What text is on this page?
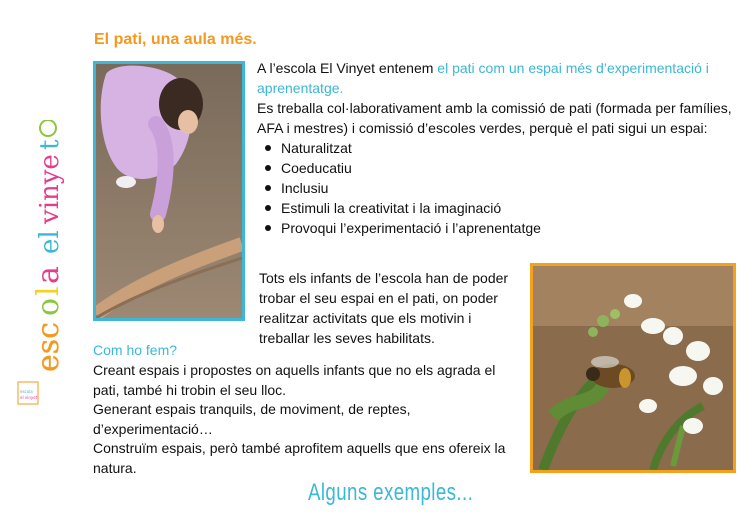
El pati, una aula més.
escola
el vinyet
esc
o
l
a
el
vinye
t

A l’escola El Vinyet entenem el pati com un espai més d’experimentació i aprenentatge.

Es treballa col·laborativament amb la comissió de pati (formada per famílies, AFA i mestres) i comissió d’escoles verdes, perquè el pati sigui un espai:

Naturalitzat
Coeducatiu
Inclusiu
Estimuli la creativitat i la imaginació
Provoqui l’experimentació i l’aprenentatge

Tots els infants de l’escola han de poder trobar el seu espai en el pati, on poder realitzar activitats que els motivin i treballar les seves habilitats.

Com ho fem?
Creant espais i propostes on aquells infants que no els agrada el pati, també hi trobin el seu lloc.
Generant espais tranquils, de moviment, de reptes, d’experimentació…
Construïm espais, però també aprofitem aquells que ens ofereix la natura.
Alguns exemples...
